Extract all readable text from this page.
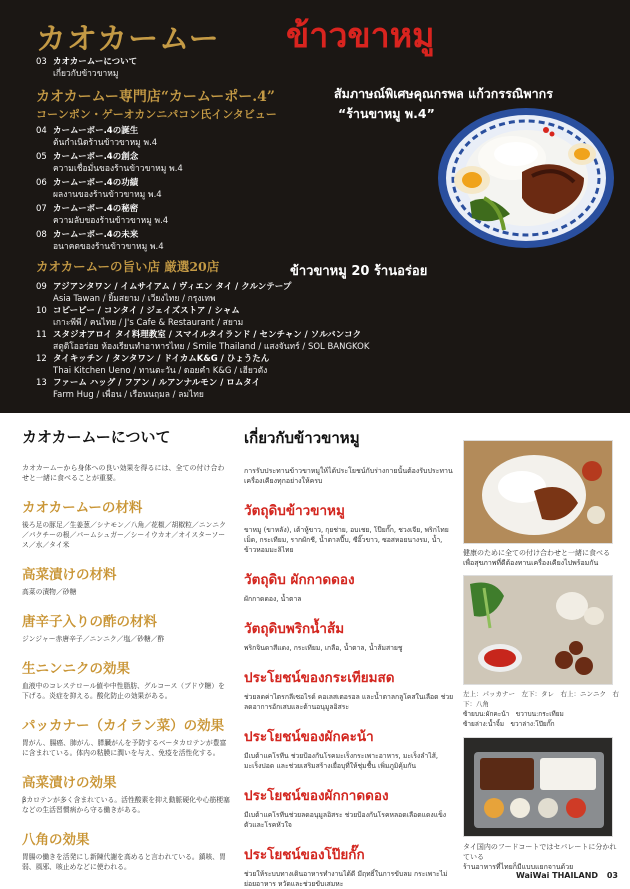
カオカームー ข้าวขาหมู
03 カオカームーについて
เกี่ยวกับข้าวขาหมู
カオカームー専門店“カームーポー.4”
コーンポン・ゲーオカンニパコン氏インタビュー
04 カームーポー.4の誕生
ต้นกำเนิดร้านข้าวขาหมู พ.4
05 カームーポー.4の創念
ความเชื่อมั่นของร้านข้าวขาหมู พ.4
06 カームーポー.4の功績
ผลงานของร้านข้าวขาหมู พ.4
07 カームーポー.4の秘密
ความลับของร้านข้าวขาหมู พ.4
08 カームーポー.4の未来
อนาคตของร้านข้าวขาหมู พ.4
สัมภาษณ์พิเศษคุณกรพล แก้วกรรณิพากร
“ร้านขาหมู พ.4”
ข้าวขาหมู 20 ร้านอร่อย
カオカームーの旨い店 厳選20店
09 アジアンタワン / イムサイアム / ヴィエン タイ / クルンテープ
Asia Tawan / ยิ้มสยาม / เวียงไทย / กรุงเทพ
10 コピーピー / コンタイ / ジェイズストア / シャム
เกาะพีพี / คนไทย / J's Cafe & Restaurant / สยาม
11 スタジオアロイ タイ料理教室 / スマイルタイランド / センチャン / ソルバンコク
สตูดิโออร่อย ห้องเรียนทำอาหารไทย / Smile Thailand / แสงจันทร์ / SOL BANGKOK
12 タイキッチン / タンタワン / ドイカムK&G / ひょうたん
Thai Kitchen Ueno / ทานตะวัน / ดอยคำ K&G / เฮียวตัง
13 ファーム ハッグ / フアン / ルアンナルモン / ロムタイ
Farm Hug / เพื่อน / เรือนนฤมล / ลมไทย
カオカームーについて
カオカームーから身体への良い効果を得るには、全ての付け合わせと一緒に食べることが重要。
カオカームーの材料
後ろ足の豚足／生姜葱／シナモン／八角／花椒／胡椒粒／ニンニク／パクチーの根／パームシュガー／シーイウカオ／オイスターソース／水／タイ米
高菜漬けの材料
高菜の漬物／砂糖
唐辛子入りの酢の材料
ジンジャー赤唐辛子／ニンニク／塩／砂糖／酢
生ニンニクの効果
血液中のコレステロール値や中性脂肪、グルコース（ブドウ糖）を下げる。炎症を抑える。酸化防止の効果がある。
パッカナー（カイラン菜）の効果
胃がん、腸癌、肺がん、膵臓がんを予防するベータカロテンが豊富に含まれている。体内の粘膜に潤いを与え、免疫を活性化する。
高菜漬けの効果
βカロテンが多く含まれている。活性酸素を抑え動脈硬化や心筋梗塞などの生活習慣病から守る働きがある。
八角の効果
胃腸の働きを活発にし新陳代謝を高めると言われている。鎮咳、胃弱、風邪、咳止めなどに使われる。
เกี่ยวกับข้าวขาหมู
การรับประทานข้าวขาหมูให้ได้ประโยชน์กับร่างกายนั้นต้องรับประทานเครื่องเคียงทุกอย่างให้ครบ
วัตถุดิบข้าวขาหมู
ขาหมู (ขาหลัง), เต้าหู้ขาว, กุยช่าย, อบเชย, โป๊ยกั๊ก, ชวงเจีย, พริกไทยเม็ด, กระเทียม, รากผักชี, น้ำตาลปี๊บ, ซีอิ๊วขาว, ซอสหอยนางรม, น้ำ, ข้าวหอมมะลิไทย
วัตถุดิบ ผักกาดดอง
ผักกาดดอง, น้ำตาล
วัตถุดิบพริกน้ำส้ม
พริกจินดาสีแดง, กระเทียม, เกลือ, น้ำตาล, น้ำส้มสายชู
ประโยชน์ของกระเทียมสด
ช่วยลดค่าไตรกลีเซอไรด์ คอเลสเตอรอล และน้ำตาลกลูโคสในเลือด ช่วยลดอาการอักเสบและต้านอนุมูลอิสระ
ประโยชน์ของผักคะน้า
มีเบต้าแคโรทีน ช่วยป้องกันโรคมะเร็งกระเพาะอาหาร, มะเร็งลำไส้, มะเร็งปอด และช่วยเสริมสร้างเยื่อบุที่ให้ชุ่มชื้น เพิ่มภูมิคุ้มกัน
ประโยชน์ของผักกาดดอง
มีเบต้าแคโรทีนช่วยลดอนุมูลอิสระ ช่วยป้องกันโรคหลอดเลือดแดงแข็งตัวและโรคหัวใจ
ประโยชน์ของโป๊ยกั๊ก
ช่วยให้ระบบทางเดินอาหารทำงานได้ดี มีฤทธิ์ในการขับลม กระเพาะไม่ย่อยอาหาร หวัดและช่วยขับเสมหะ
健康のために全ての付け合わせと一緒に食べる
เพื่อสุขภาพที่ดีต้องทานเครื่องเคียงไปพร้อมกัน
左上：パッカナー　左下：タレ　右上：ニンニク　右下：八角
ซ้ายบน:ผักคะน้า　ขวาบน:กระเทียม
ซ้ายล่าง:น้ำจิ้ม　ขวาล่าง:โป๊ยกั๊ก
タイ国内のフードコートではセパレートに分かれている
ร้านอาหารที่ไทยก็มีแบบแยกจานด้วย
WaiWai THAILAND 03
